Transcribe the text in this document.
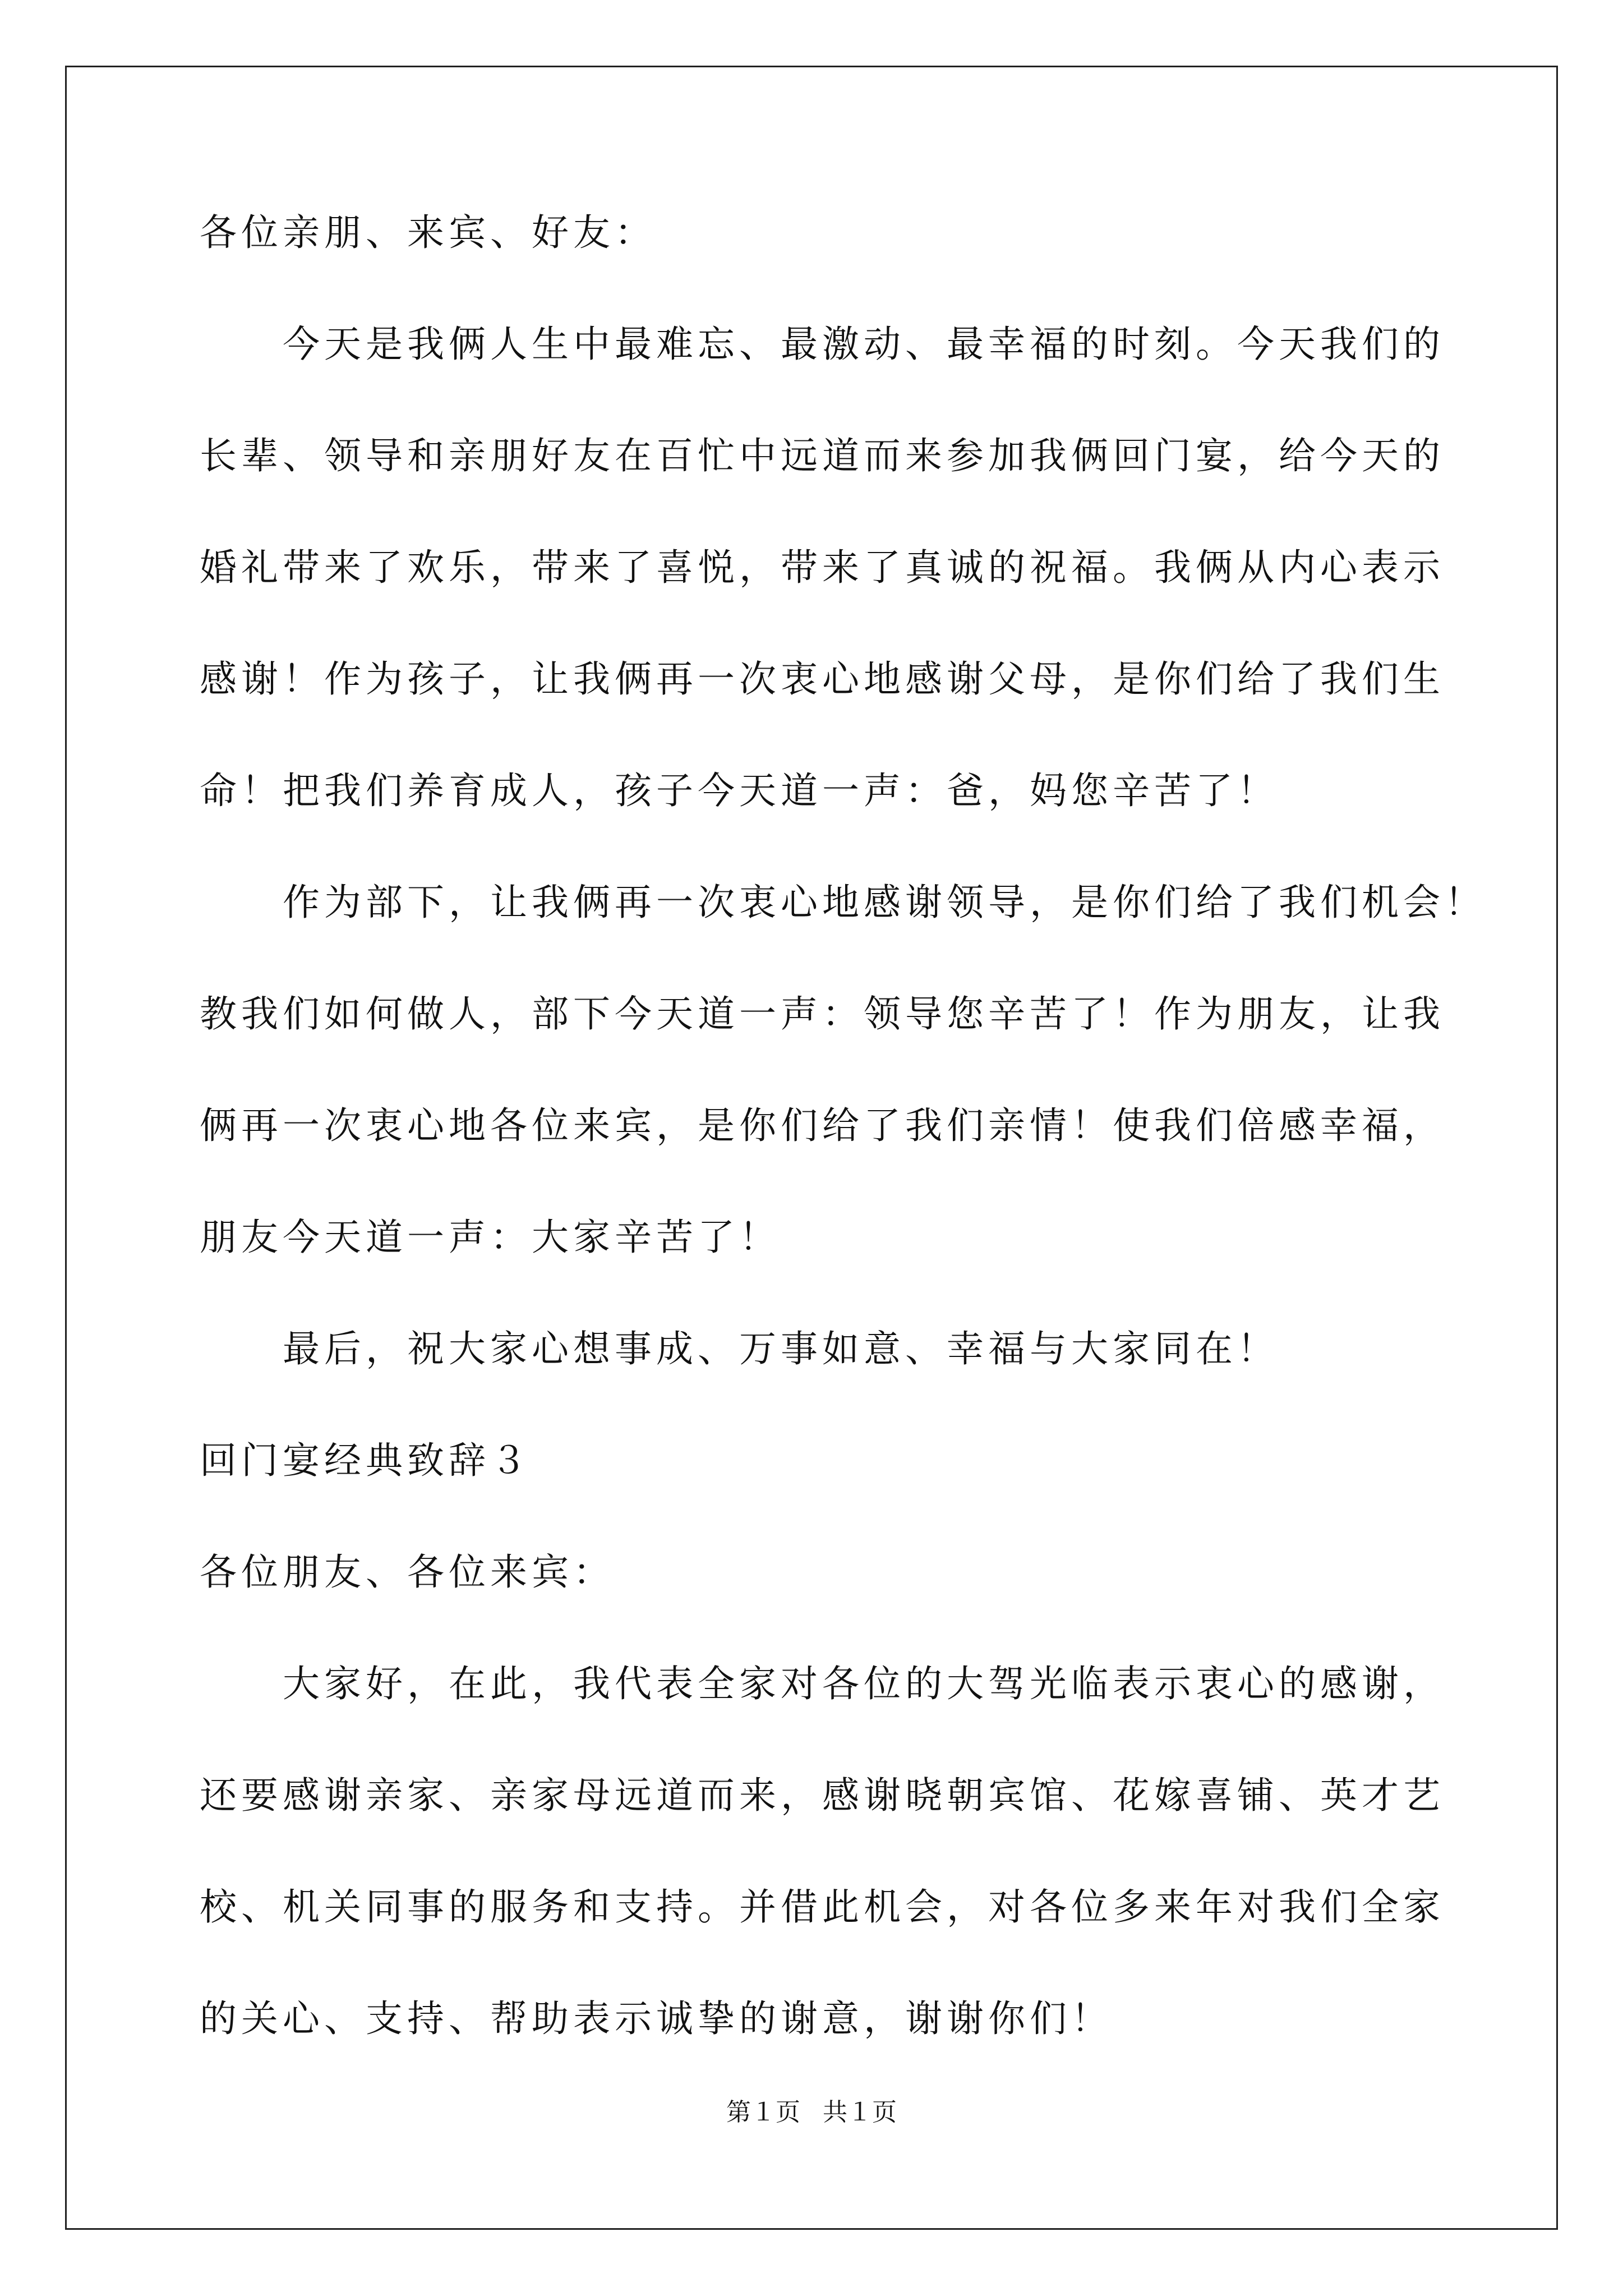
各位亲朋、来宾、好友：

今天是我俩人生中最难忘、最激动、最幸福的时刻。今天我们的

长辈、领导和亲朋好友在百忙中远道而来参加我俩回门宴，给今天的

婚礼带来了欢乐，带来了喜悦，带来了真诚的祝福。我俩从内心表示

感谢！作为孩子，让我俩再一次衷心地感谢父母，是你们给了我们生

命！把我们养育成人，孩子今天道一声：爸，妈您辛苦了！

作为部下，让我俩再一次衷心地感谢领导，是你们给了我们机会！

教我们如何做人，部下今天道一声：领导您辛苦了！作为朋友，让我

俩再一次衷心地各位来宾，是你们给了我们亲情！使我们倍感幸福，

朋友今天道一声：大家辛苦了！

最后，祝大家心想事成、万事如意、幸福与大家同在！

回门宴经典致辞３

各位朋友、各位来宾：

大家好，在此，我代表全家对各位的大驾光临表示衷心的感谢，

还要感谢亲家、亲家母远道而来，感谢晓朝宾馆、花嫁喜铺、英才艺

校、机关同事的服务和支持。并借此机会，对各位多来年对我们全家

的关心、支持、帮助表示诚挚的谢意，谢谢你们！

第１页 共１页
